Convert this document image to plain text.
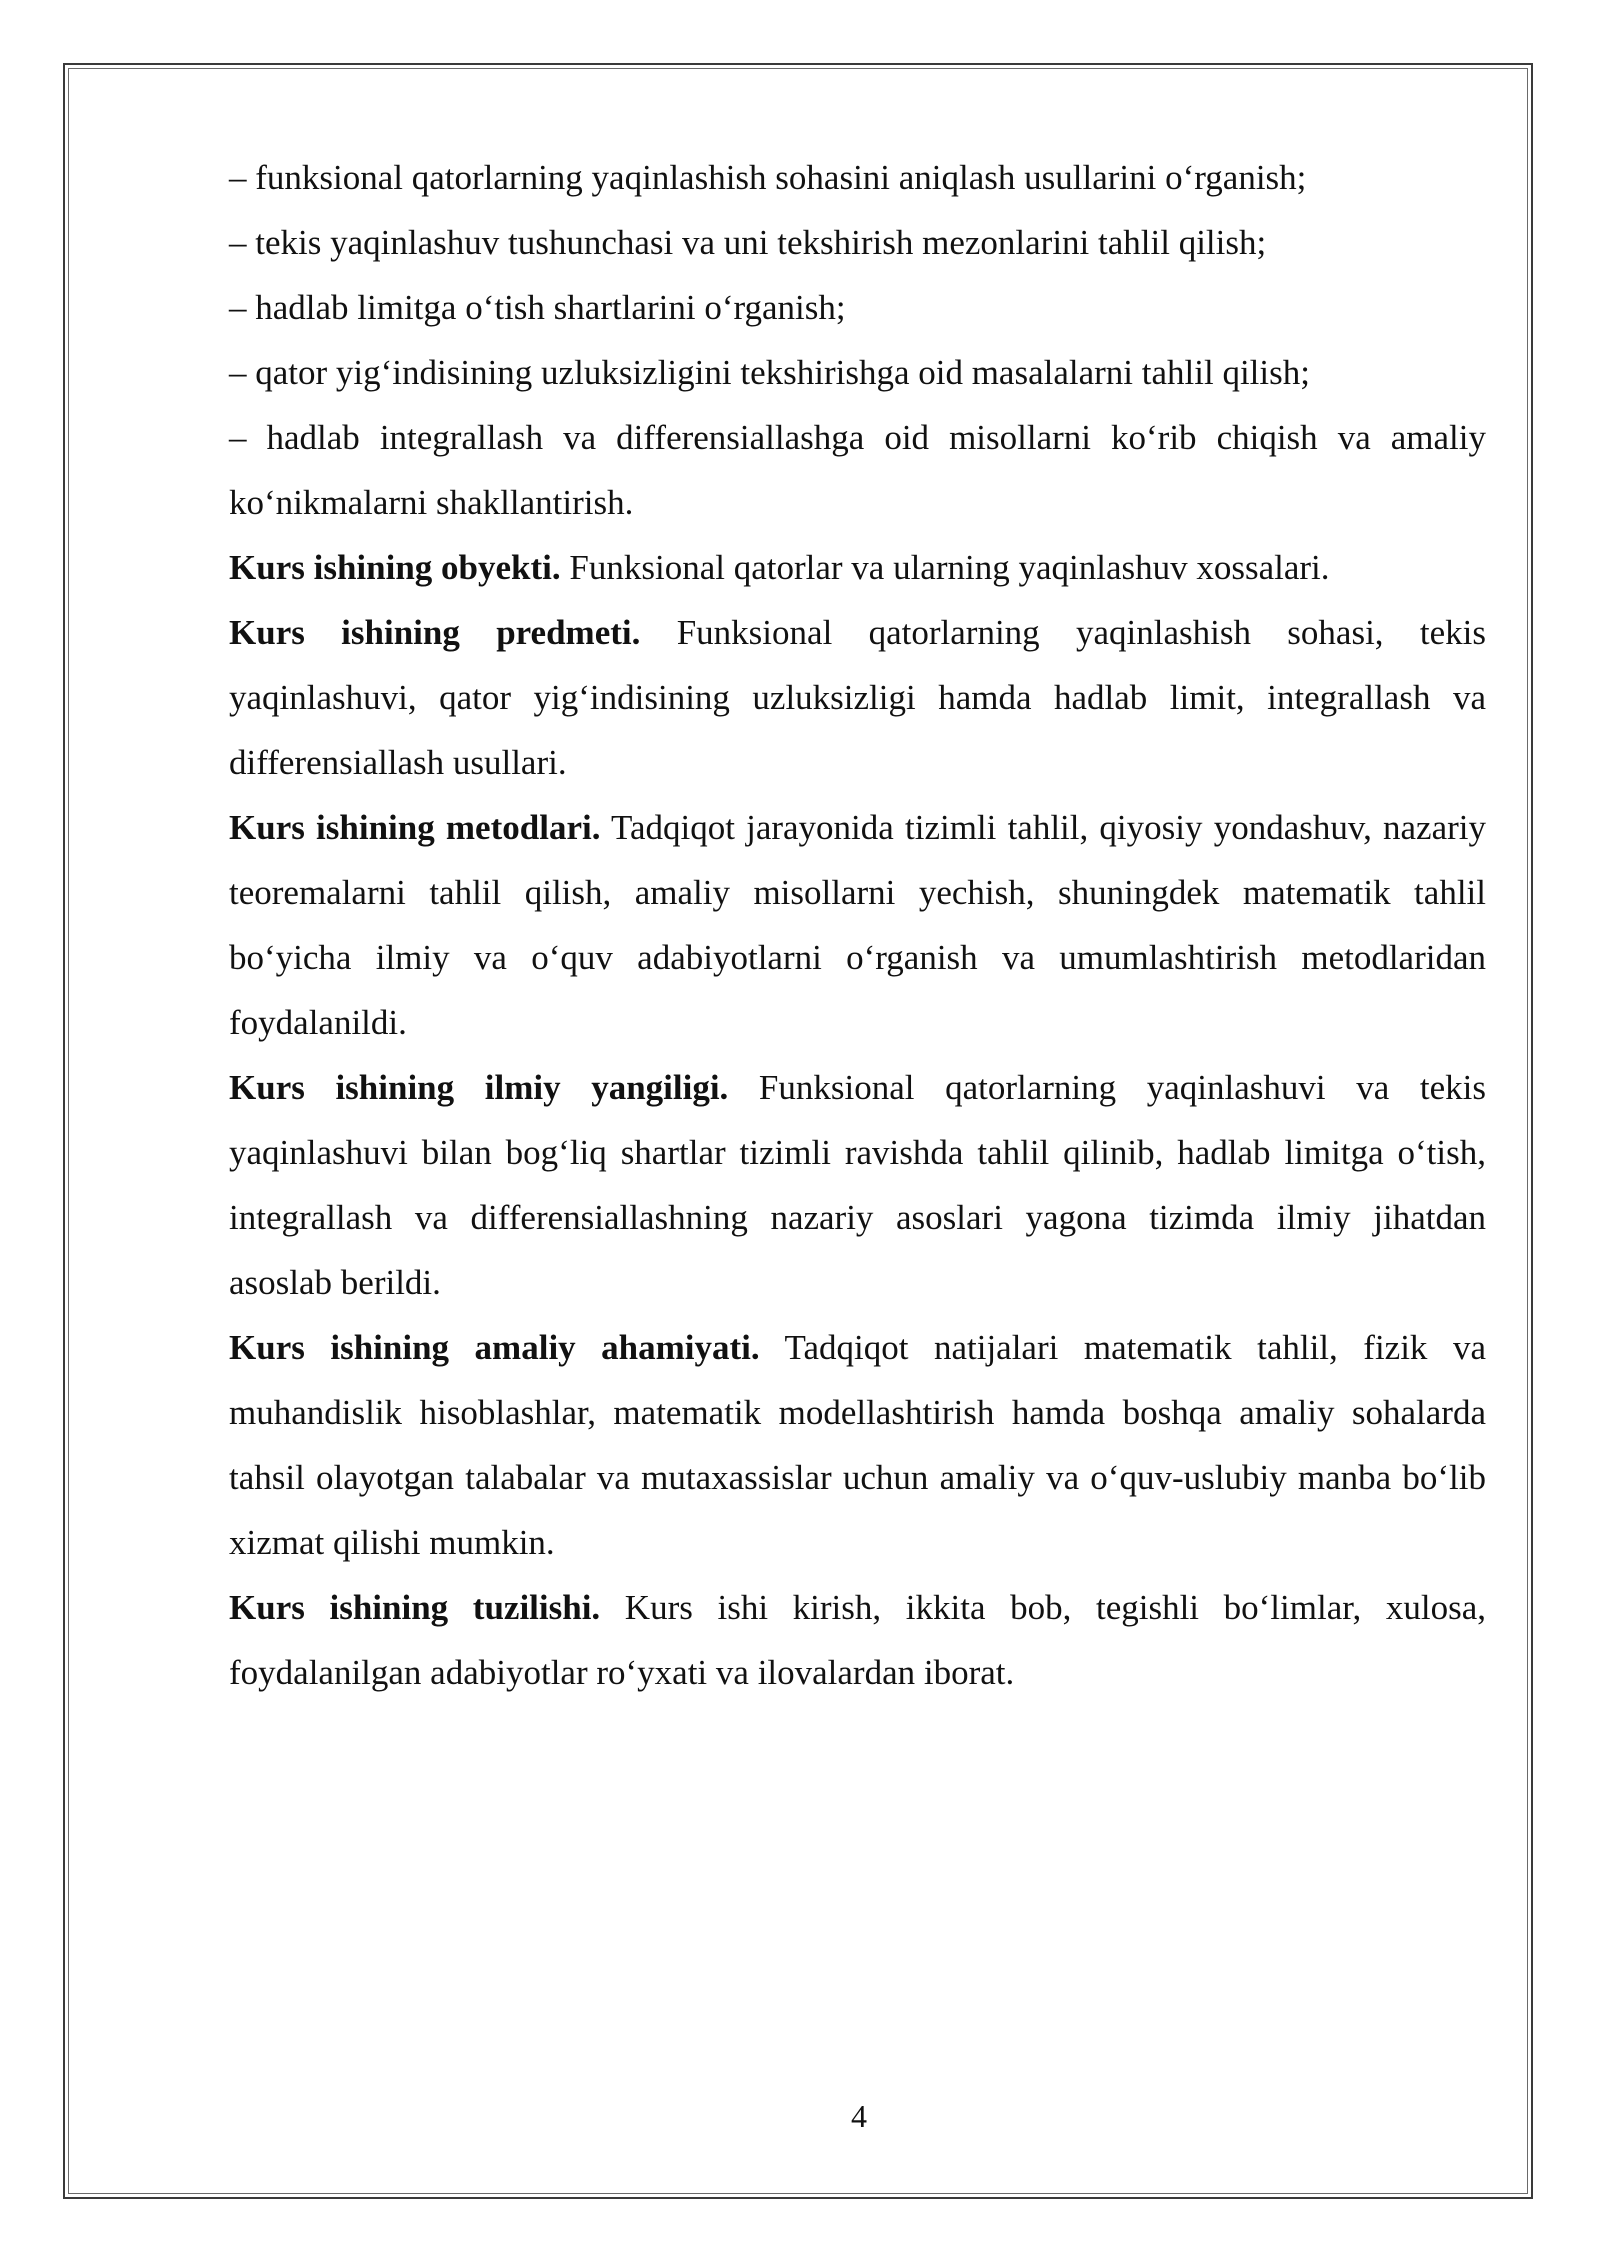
– funksional qatorlarning yaqinlashish sohasini aniqlash usullarini o‘rganish;

– tekis yaqinlashuv tushunchasi va uni tekshirish mezonlarini tahlil qilish;

– hadlab limitga o‘tish shartlarini o‘rganish;

– qator yig‘indisining uzluksizligini tekshirishga oid masalalarni tahlil qilish;

– hadlab integrallash va differensiallashga oid misollarni ko‘rib chiqish va amaliy ko‘nikmalarni shakllantirish.

Kurs ishining obyekti. Funksional qatorlar va ularning yaqinlashuv xossalari.

Kurs ishining predmeti. Funksional qatorlarning yaqinlashish sohasi, tekis yaqinlashuvi, qator yig‘indisining uzluksizligi hamda hadlab limit, integrallash va differensiallash usullari.

Kurs ishining metodlari. Tadqiqot jarayonida tizimli tahlil, qiyosiy yondashuv, nazariy teoremalarni tahlil qilish, amaliy misollarni yechish, shuningdek matematik tahlil bo‘yicha ilmiy va o‘quv adabiyotlarni o‘rganish va umumlashtirish metodlaridan foydalanildi.

Kurs ishining ilmiy yangiligi. Funksional qatorlarning yaqinlashuvi va tekis yaqinlashuvi bilan bog‘liq shartlar tizimli ravishda tahlil qilinib, hadlab limitga o‘tish, integrallash va differensiallashning nazariy asoslari yagona tizimda ilmiy jihatdan asoslab berildi.

Kurs ishining amaliy ahamiyati. Tadqiqot natijalari matematik tahlil, fizik va muhandislik hisoblashlar, matematik modellashtirish hamda boshqa amaliy sohalarda tahsil olayotgan talabalar va mutaxassislar uchun amaliy va o‘quv-uslubiy manba bo‘lib xizmat qilishi mumkin.

Kurs ishining tuzilishi. Kurs ishi kirish, ikkita bob, tegishli bo‘limlar, xulosa, foydalanilgan adabiyotlar ro‘yxati va ilovalardan iborat.

4
